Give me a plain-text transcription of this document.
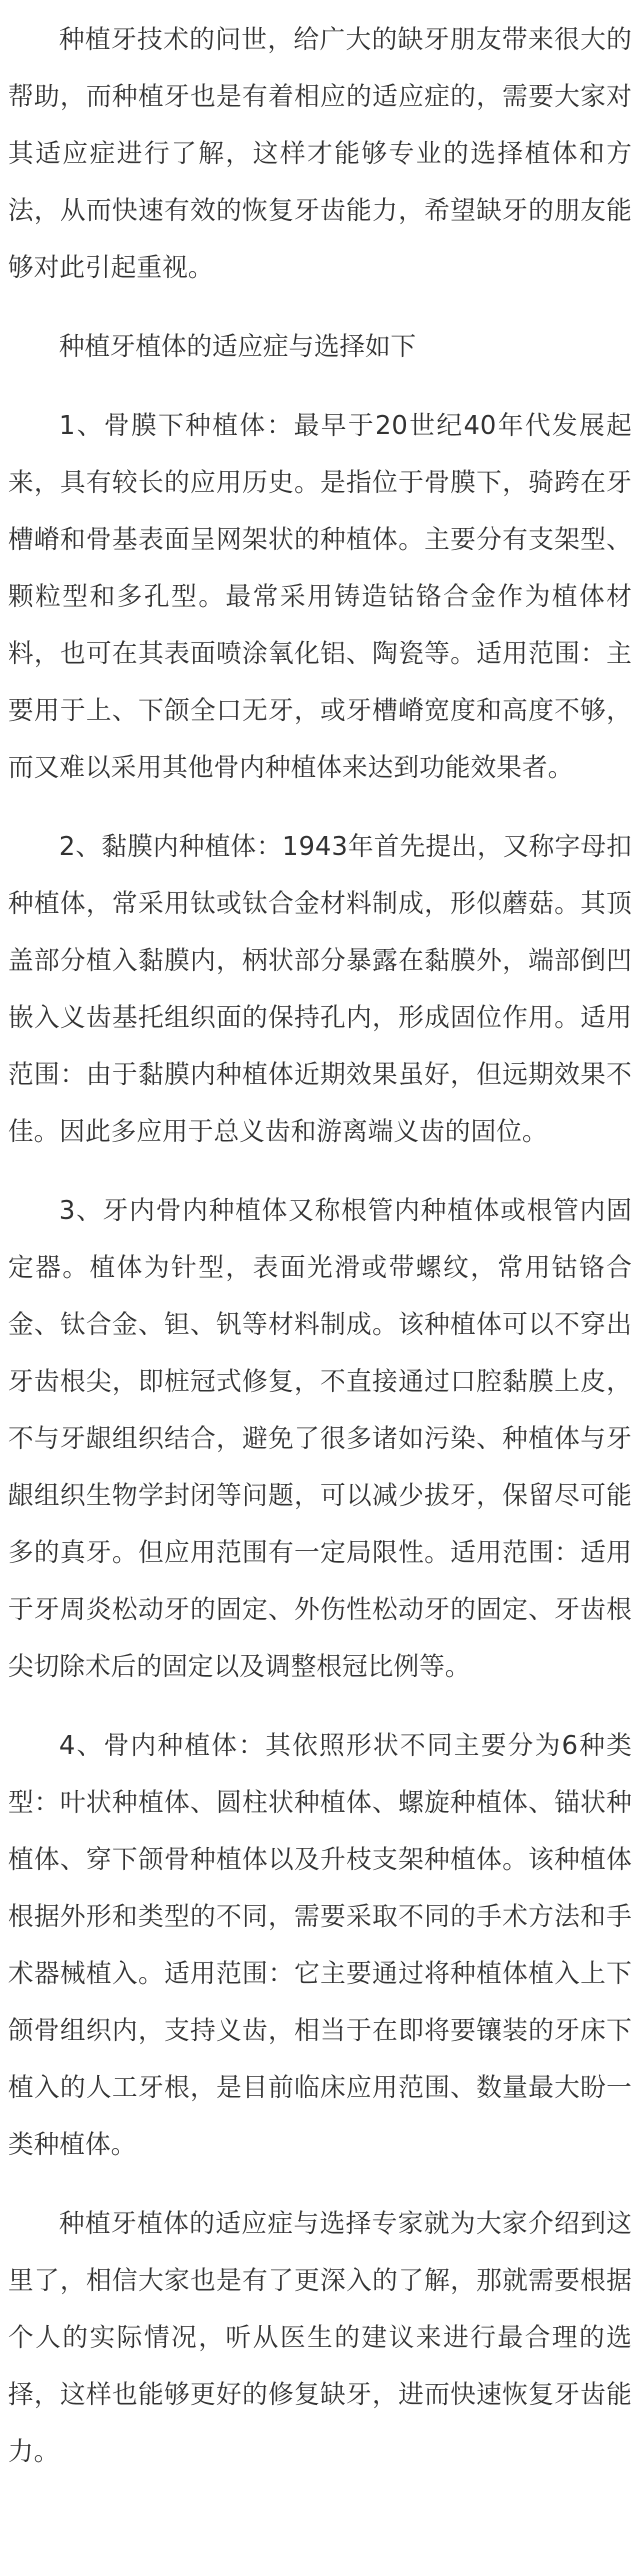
种植牙技术的问世，给广大的缺牙朋友带来很大的帮助，而种植牙也是有着相应的适应症的，需要大家对其适应症进行了解，这样才能够专业的选择植体和方法，从而快速有效的恢复牙齿能力，希望缺牙的朋友能够对此引起重视。

种植牙植体的适应症与选择如下

1、骨膜下种植体：最早于20世纪40年代发展起来，具有较长的应用历史。是指位于骨膜下，骑跨在牙槽嵴和骨基表面呈网架状的种植体。主要分有支架型、颗粒型和多孔型。最常采用铸造钴铬合金作为植体材料，也可在其表面喷涂氧化铝、陶瓷等。适用范围：主要用于上、下颌全口无牙，或牙槽嵴宽度和高度不够，而又难以采用其他骨内种植体来达到功能效果者。

2、黏膜内种植体：1943年首先提出，又称字母扣种植体，常采用钛或钛合金材料制成，形似蘑菇。其顶盖部分植入黏膜内，柄状部分暴露在黏膜外，端部倒凹嵌入义齿基托组织面的保持孔内，形成固位作用。适用范围：由于黏膜内种植体近期效果虽好，但远期效果不佳。因此多应用于总义齿和游离端义齿的固位。

3、牙内骨内种植体又称根管内种植体或根管内固定器。植体为针型，表面光滑或带螺纹，常用钴铬合金、钛合金、钽、钒等材料制成。该种植体可以不穿出牙齿根尖，即桩冠式修复，不直接通过口腔黏膜上皮，不与牙龈组织结合，避免了很多诸如污染、种植体与牙龈组织生物学封闭等问题，可以减少拔牙，保留尽可能多的真牙。但应用范围有一定局限性。适用范围：适用于牙周炎松动牙的固定、外伤性松动牙的固定、牙齿根尖切除术后的固定以及调整根冠比例等。

4、骨内种植体：其依照形状不同主要分为6种类型：叶状种植体、圆柱状种植体、螺旋种植体、锚状种植体、穿下颌骨种植体以及升枝支架种植体。该种植体根据外形和类型的不同，需要采取不同的手术方法和手术器械植入。适用范围：它主要通过将种植体植入上下颌骨组织内，支持义齿，相当于在即将要镶装的牙床下植入的人工牙根，是目前临床应用范围、数量最大盼一类种植体。

种植牙植体的适应症与选择专家就为大家介绍到这里了，相信大家也是有了更深入的了解，那就需要根据个人的实际情况，听从医生的建议来进行最合理的选择，这样也能够更好的修复缺牙，进而快速恢复牙齿能力。
